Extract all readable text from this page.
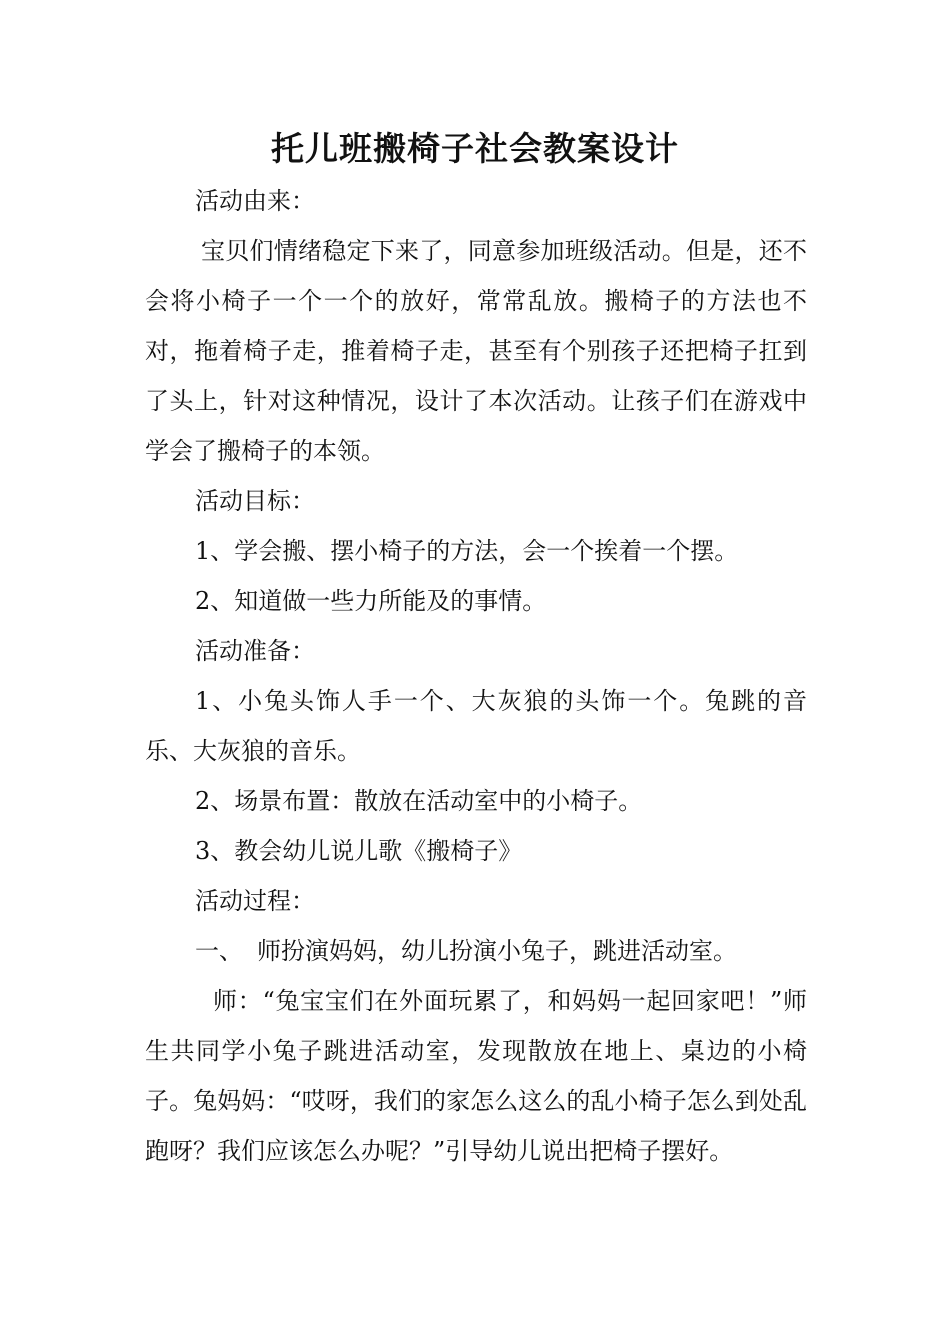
托儿班搬椅子社会教案设计

活动由来：

宝贝们情绪稳定下来了，同意参加班级活动。但是，还不会将小椅子一个一个的放好，常常乱放。搬椅子的方法也不对，拖着椅子走，推着椅子走，甚至有个别孩子还把椅子扛到了头上，针对这种情况，设计了本次活动。让孩子们在游戏中学会了搬椅子的本领。

活动目标：

1、学会搬、摆小椅子的方法，会一个挨着一个摆。

2、知道做一些力所能及的事情。

活动准备：

1、小兔头饰人手一个、大灰狼的头饰一个。兔跳的音乐、大灰狼的音乐。

2、场景布置：散放在活动室中的小椅子。

3、教会幼儿说儿歌《搬椅子》

活动过程：

一、 师扮演妈妈，幼儿扮演小兔子，跳进活动室。

师：“兔宝宝们在外面玩累了，和妈妈一起回家吧！”师生共同学小兔子跳进活动室，发现散放在地上、桌边的小椅子。兔妈妈：“哎呀，我们的家怎么这么的乱小椅子怎么到处乱跑呀？我们应该怎么办呢？”引导幼儿说出把椅子摆好。
